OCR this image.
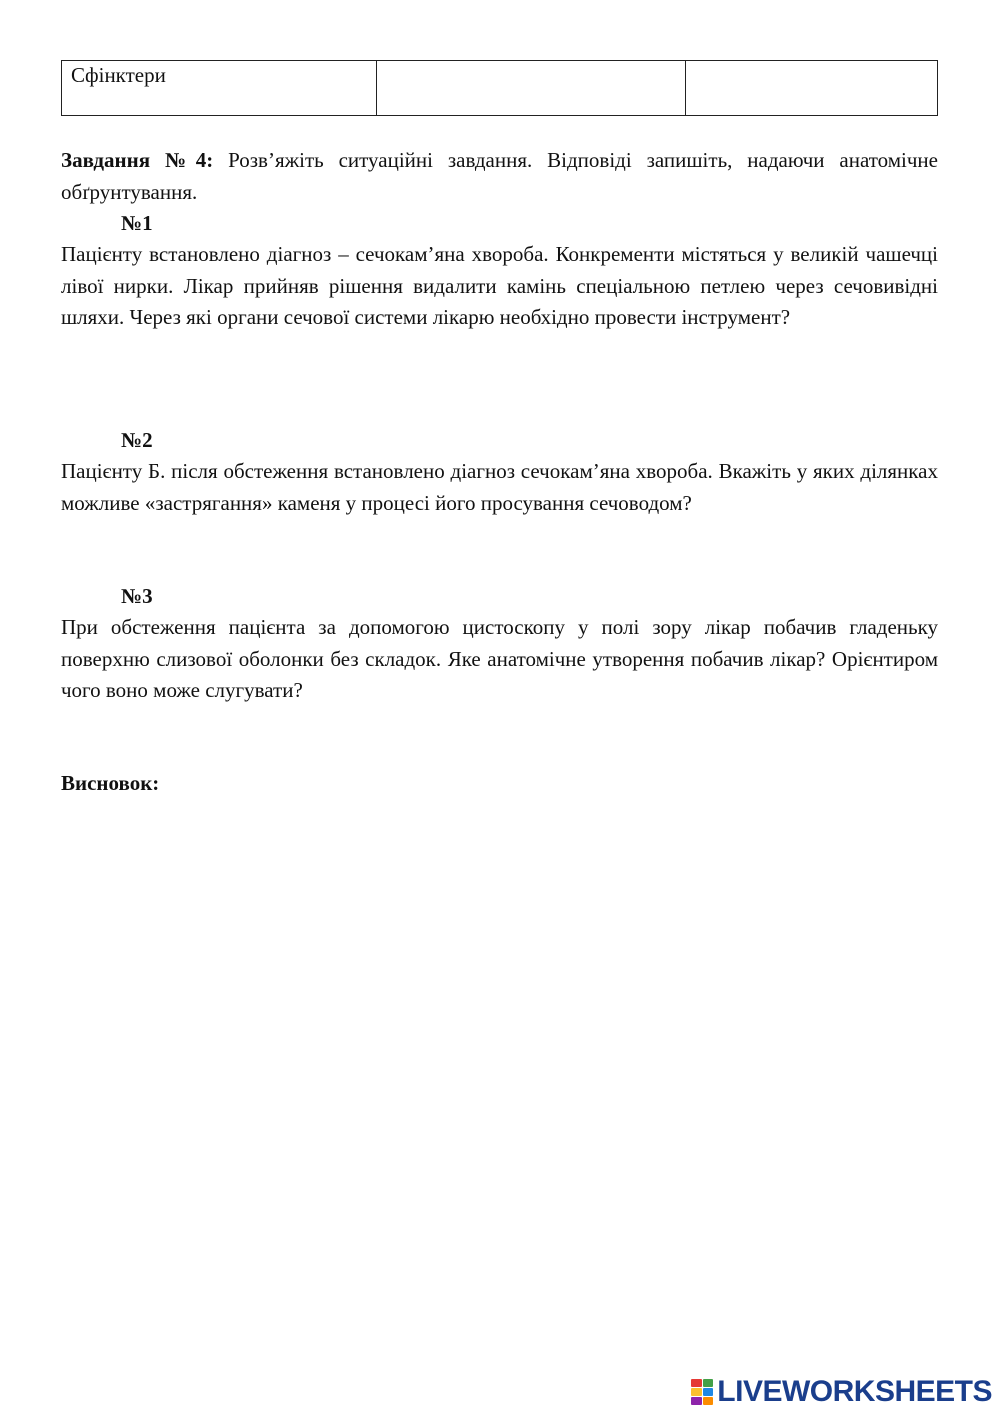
Сфінктери		

Завдання №4: Розв’яжіть ситуаційні завдання. Відповіді запишіть, надаючи анатомічне обґрунтування.

№1

Пацієнту встановлено діагноз – сечокам’яна хвороба. Конкременти містяться у великій чашечці лівої нирки. Лікар прийняв рішення видалити камінь спеціальною петлею через сечовивідні шляхи. Через які органи сечової системи лікарю необхідно провести інструмент?

№2

Пацієнту Б. після обстеження встановлено діагноз сечокам’яна хвороба. Вкажіть у яких ділянках можливе «застрягання» каменя у процесі його просування сечоводом?

№3

При обстеження пацієнта за допомогою цистоскопу у полі зору лікар побачив гладеньку поверхню слизової оболонки без складок. Яке анатомічне утворення побачив лікар? Орієнтиром чого воно може слугувати?

Висновок:

LIVEWORKSHEETS
